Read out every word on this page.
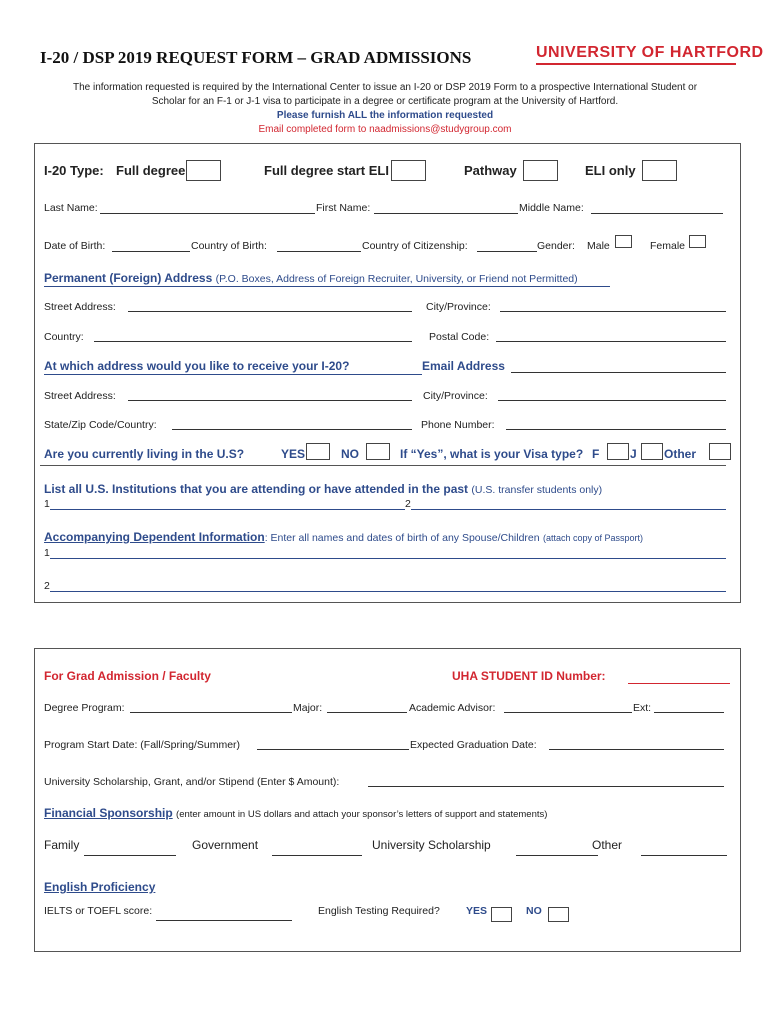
I-20 / DSP 2019 REQUEST FORM – GRAD ADMISSIONS	UNIVERSITY OF HARTFORD
The information requested is required by the International Center to issue an I-20 or DSP 2019 Form to a prospective International Student or
Scholar for an F-1 or J-1 visa to participate in a degree or certificate program at the University of Hartford.
Please furnish ALL the information requested
Email completed form to naadmissions@studygroup.com
I-20 Type: Full degree	Full degree start ELI	Pathway	ELI only
Last Name:	First Name:	Middle Name:
Date of Birth:	Country of Birth:	Country of Citizenship:	Gender: Male	Female
Permanent (Foreign) Address (P.O. Boxes, Address of Foreign Recruiter, University, or Friend not Permitted)
Street Address:	City/Province:
Country:	Postal Code:
At which address would you like to receive your I-20?	Email Address
Street Address:	City/Province:
State/Zip Code/Country:	Phone Number:
Are you currently living in the U.S?	YES	NO	If “Yes”, what is your Visa type? F	J Other
List all U.S. Institutions that you are attending or have attended in the past (U.S. transfer students only)
1	2
Accompanying Dependent Information: Enter all names and dates of birth of any Spouse/Children (attach copy of Passport)
1
2
For Grad Admission / Faculty	UHA STUDENT ID Number:
Degree Program:	Major:	Academic Advisor:	Ext:
Program Start Date: (Fall/Spring/Summer)	Expected Graduation Date:
University Scholarship, Grant, and/or Stipend (Enter $ Amount):
Financial Sponsorship (enter amount in US dollars and attach your sponsor’s letters of support and statements)
Family	Government	University Scholarship	Other
English Proficiency
IELTS or TOEFL score:	English Testing Required? YES	NO
